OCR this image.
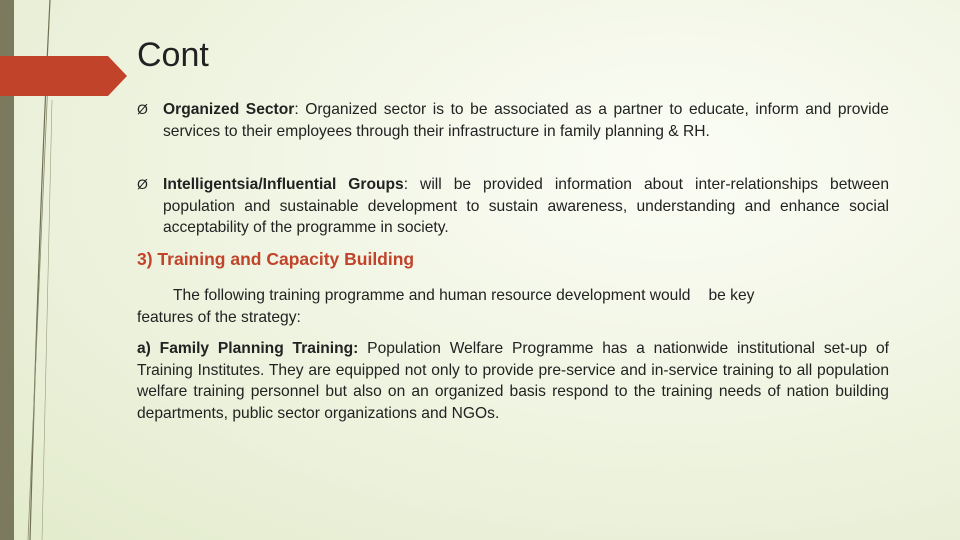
Cont
Ø Organized Sector: Organized sector is to be associated as a partner to educate, inform and provide services to their employees through their infrastructure in family planning & RH.
Ø Intelligentsia/Influential Groups: will be provided information about inter-relationships between population and sustainable development to sustain awareness, understanding and enhance social acceptability of the programme in society.
3) Training and Capacity Building
The following training programme and human resource development would be key
features of the strategy:
a) Family Planning Training: Population Welfare Programme has a nationwide institutional set-up of Training Institutes. They are equipped not only to provide pre-service and in-service training to all population welfare training personnel but also on an organized basis respond to the training needs of nation building departments, public sector organizations and NGOs.
